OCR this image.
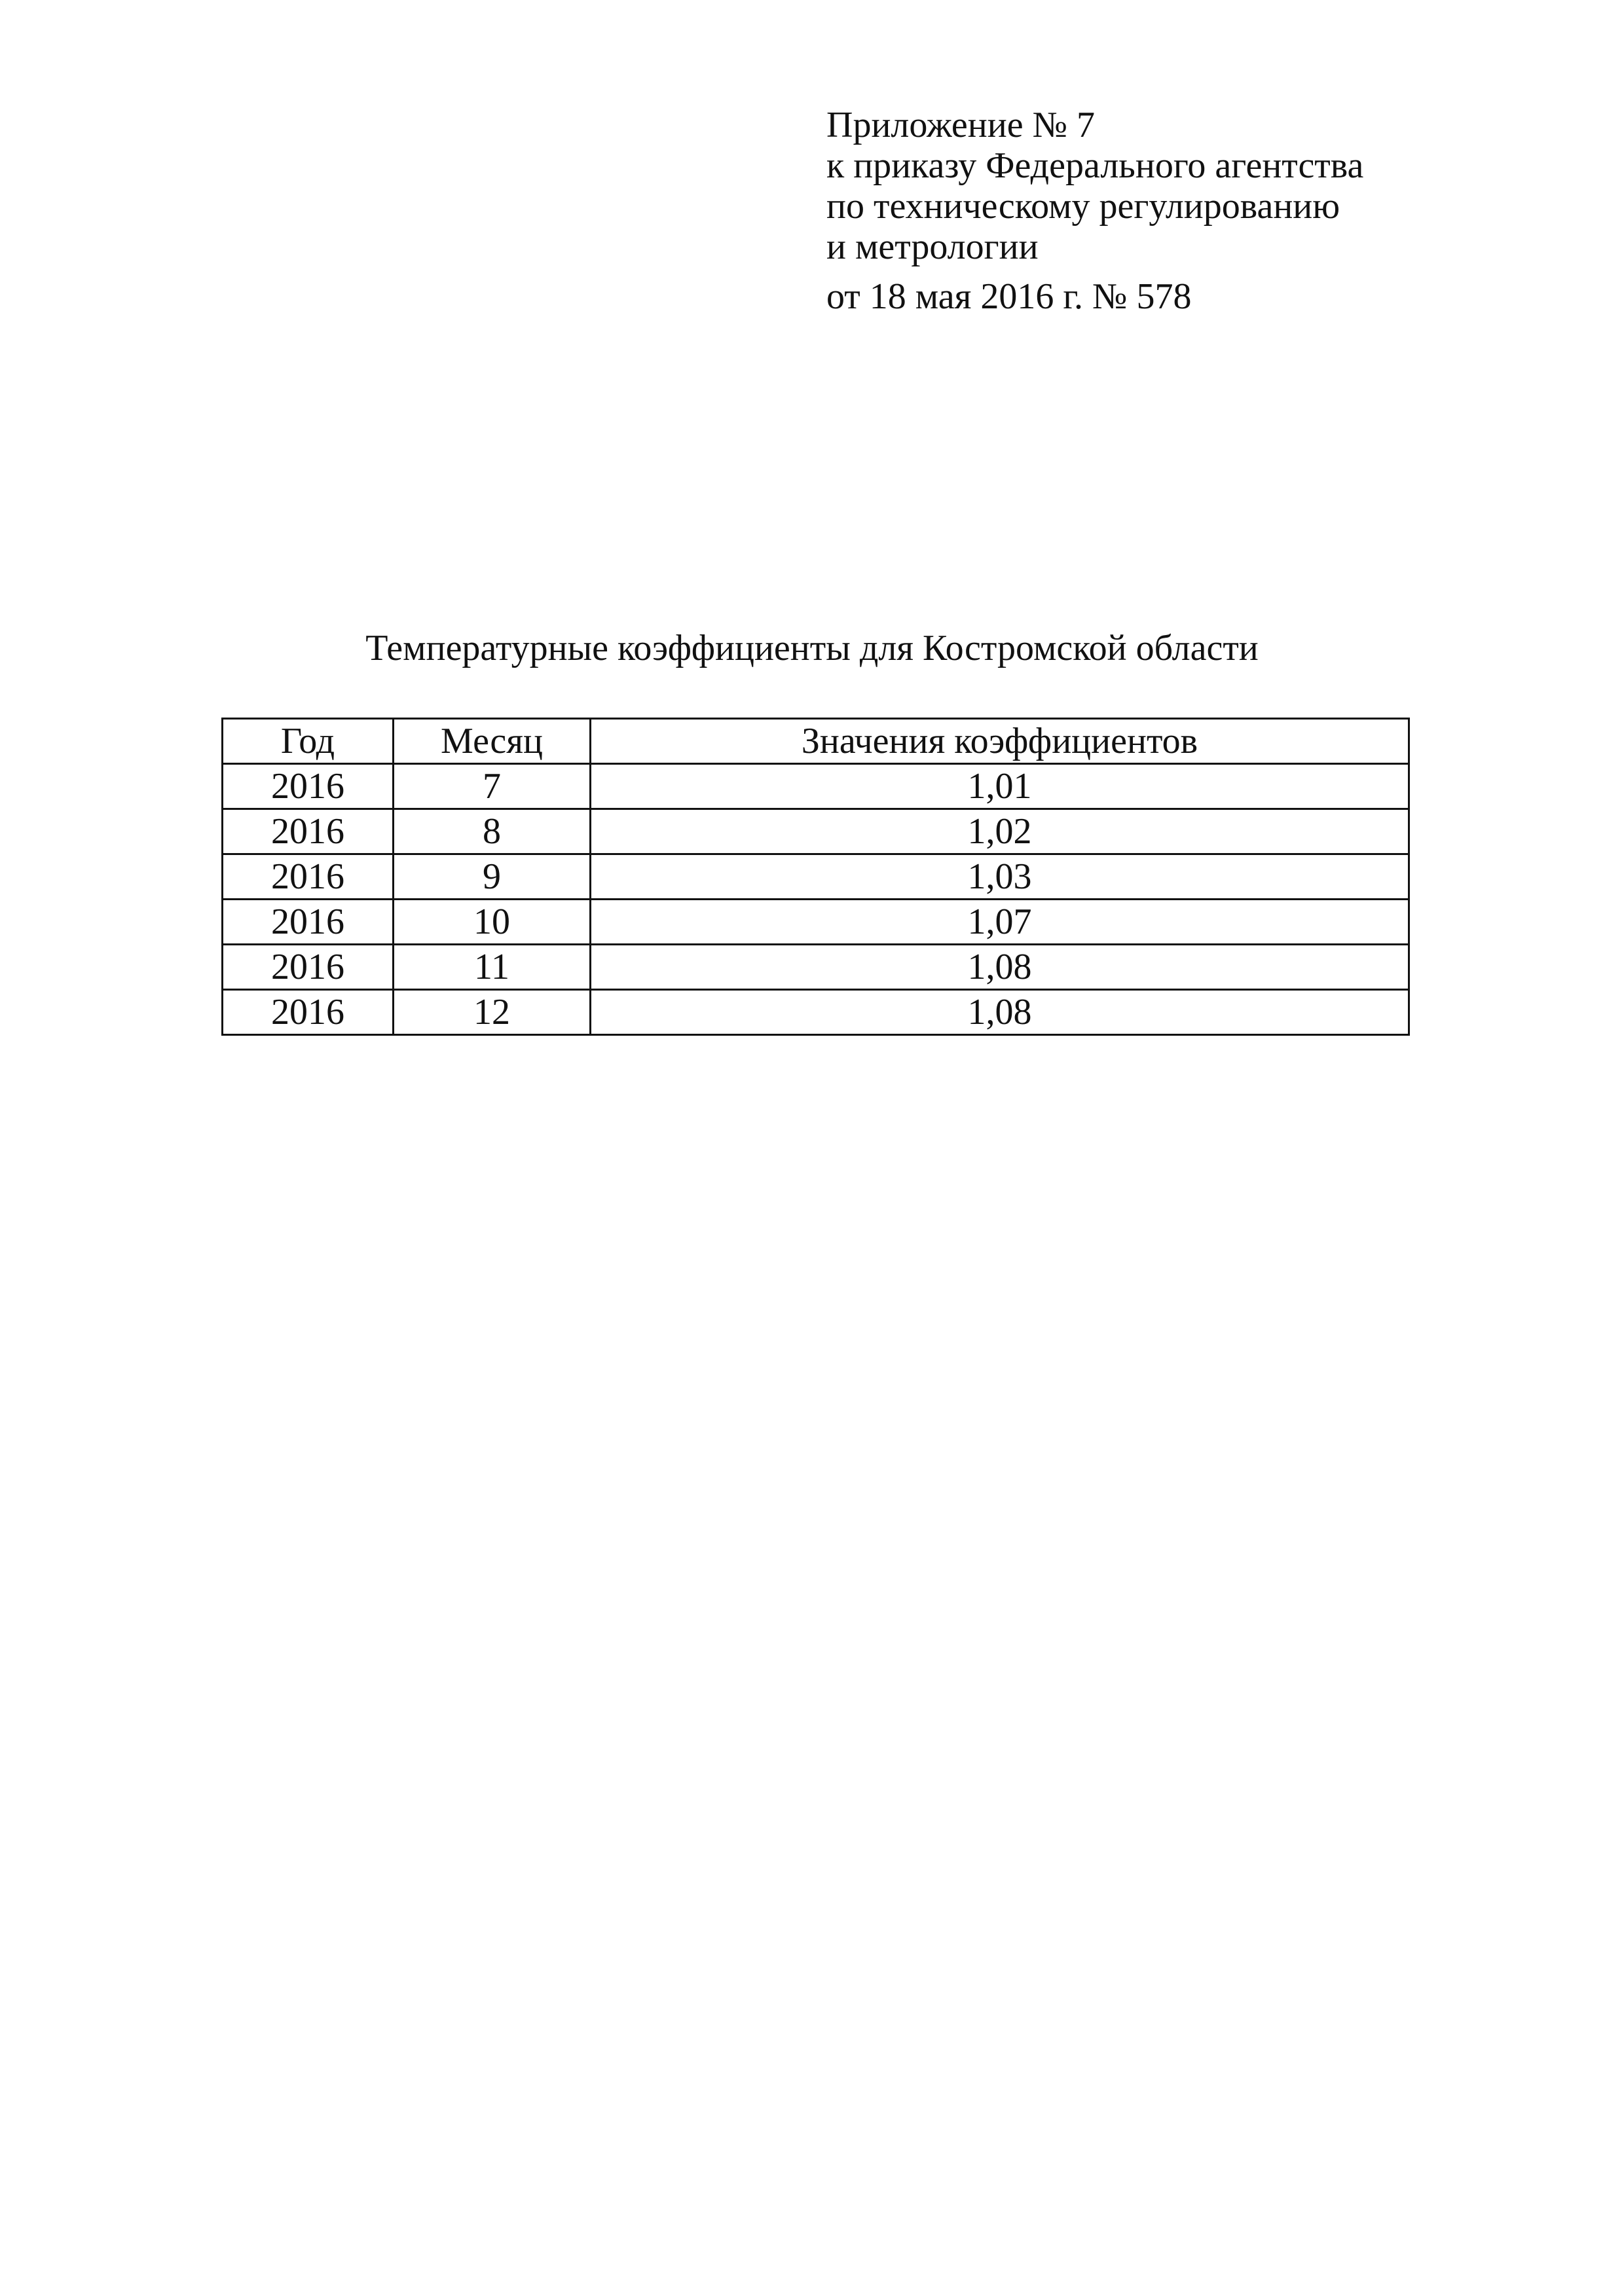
Приложение № 7
к приказу Федерального агентства
по техническому регулированию
и метрологии
от 18 мая 2016 г. № 578
Температурные коэффициенты для Костромской области
Год	Месяц	Значения коэффициентов
2016	7	1,01
2016	8	1,02
2016	9	1,03
2016	10	1,07
2016	11	1,08
2016	12	1,08
